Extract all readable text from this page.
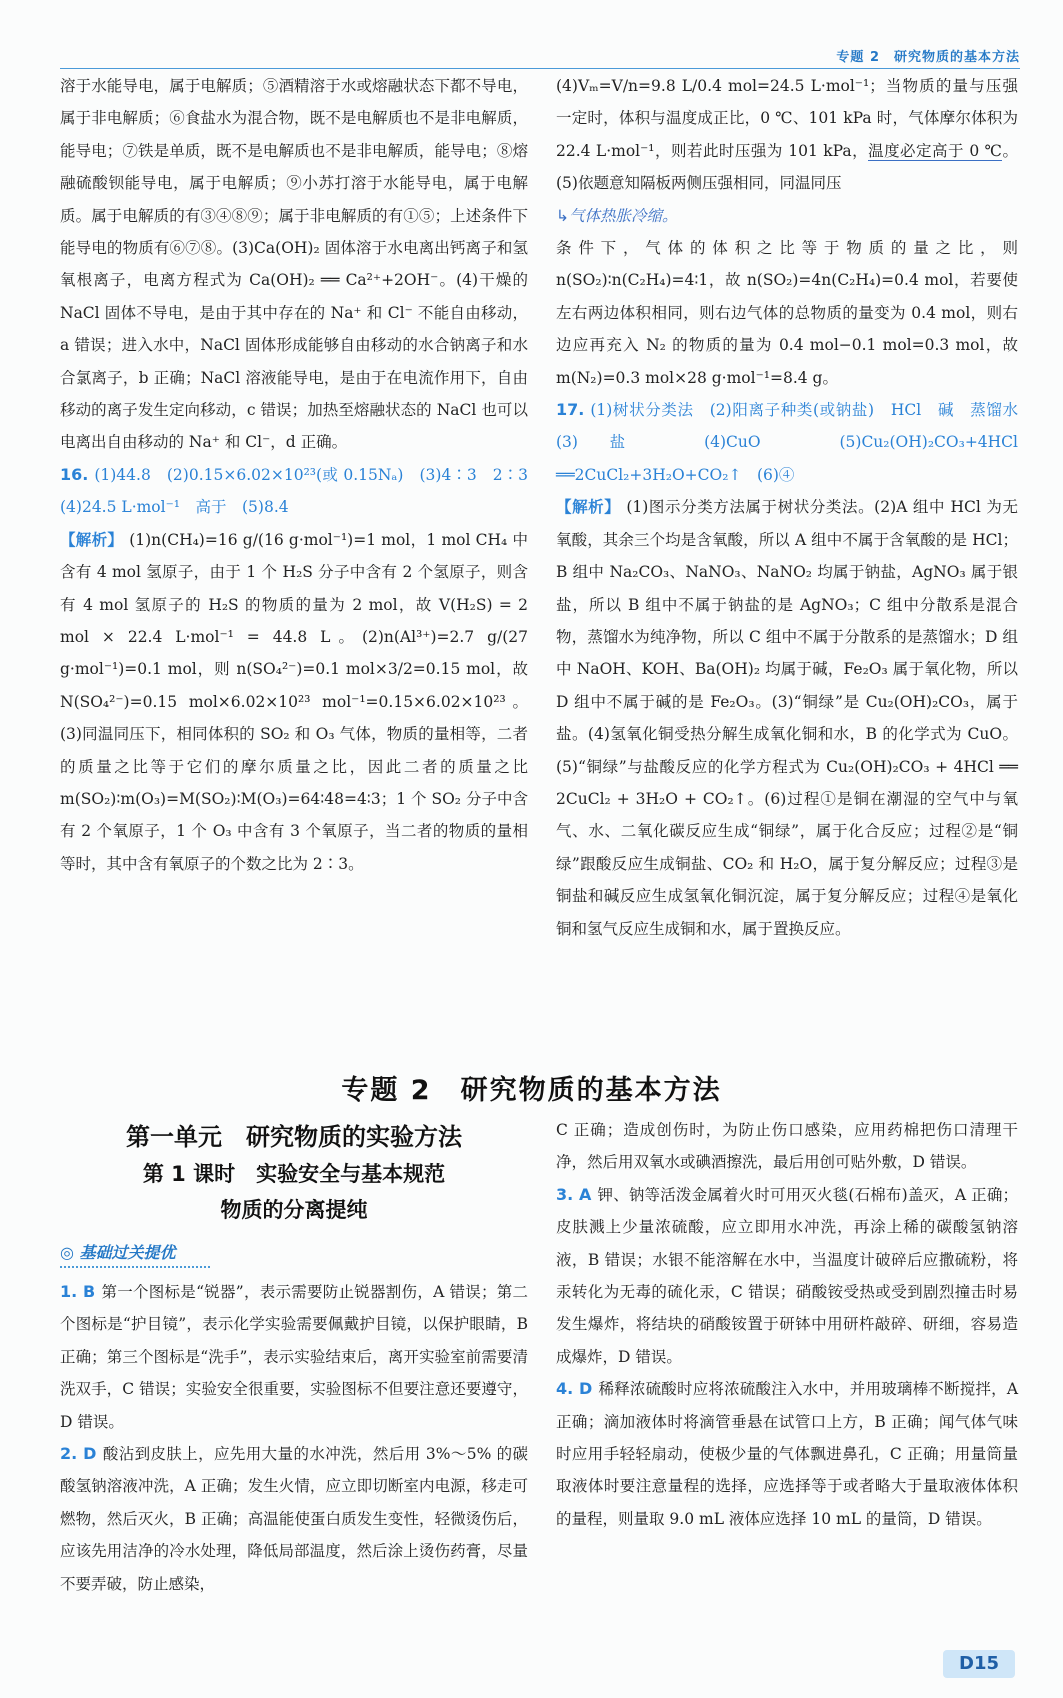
专题 2　研究物质的基本方法

溶于水能导电，属于电解质；⑤酒精溶于水或熔融状态下都不导电，属于非电解质；⑥食盐水为混合物，既不是电解质也不是非电解质，能导电；⑦铁是单质，既不是电解质也不是非电解质，能导电；⑧熔融硫酸钡能导电，属于电解质；⑨小苏打溶于水能导电，属于电解质。属于电解质的有③④⑧⑨；属于非电解质的有①⑤；上述条件下能导电的物质有⑥⑦⑧。(3)Ca(OH)₂ 固体溶于水电离出钙离子和氢氧根离子，电离方程式为 Ca(OH)₂ ══ Ca²⁺+2OH⁻。(4)干燥的 NaCl 固体不导电，是由于其中存在的 Na⁺ 和 Cl⁻ 不能自由移动，a 错误；进入水中，NaCl 固体形成能够自由移动的水合钠离子和水合氯离子，b 正确；NaCl 溶液能导电，是由于在电流作用下，自由移动的离子发生定向移动，c 错误；加热至熔融状态的 NaCl 也可以电离出自由移动的 Na⁺ 和 Cl⁻，d 正确。

16. (1)44.8　(2)0.15×6.02×10²³(或 0.15Nₐ)　(3)4∶3　2∶3　(4)24.5 L·mol⁻¹　高于　(5)8.4

【解析】 (1)n(CH₄)=16 g/(16 g·mol⁻¹)=1 mol，1 mol CH₄ 中含有 4 mol 氢原子，由于 1 个 H₂S 分子中含有 2 个氢原子，则含有 4 mol 氢原子的 H₂S 的物质的量为 2 mol，故 V(H₂S) = 2 mol × 22.4 L·mol⁻¹ = 44.8 L。(2)n(Al³⁺)=2.7 g/(27 g·mol⁻¹)=0.1 mol，则 n(SO₄²⁻)=0.1 mol×3/2=0.15 mol，故 N(SO₄²⁻)=0.15 mol×6.02×10²³ mol⁻¹=0.15×6.02×10²³。(3)同温同压下，相同体积的 SO₂ 和 O₃ 气体，物质的量相等，二者的质量之比等于它们的摩尔质量之比，因此二者的质量之比 m(SO₂)∶m(O₃)=M(SO₂)∶M(O₃)=64∶48=4∶3；1 个 SO₂ 分子中含有 2 个氧原子，1 个 O₃ 中含有 3 个氧原子，当二者的物质的量相等时，其中含有氧原子的个数之比为 2∶3。

(4)Vₘ=V/n=9.8 L/0.4 mol=24.5 L·mol⁻¹；当物质的量与压强一定时，体积与温度成正比，0 ℃、101 kPa 时，气体摩尔体积为 22.4 L·mol⁻¹，则若此时压强为 101 kPa，温度必定高于 0 ℃。(5)依题意知隔板两侧压强相同，同温同压

↳气体热胀冷缩。

条件下，气体的体积之比等于物质的量之比，则 n(SO₂)∶n(C₂H₄)=4∶1，故 n(SO₂)=4n(C₂H₄)=0.4 mol，若要使左右两边体积相同，则右边气体的总物质的量变为 0.4 mol，则右边应再充入 N₂ 的物质的量为 0.4 mol−0.1 mol=0.3 mol，故 m(N₂)=0.3 mol×28 g·mol⁻¹=8.4 g。

17. (1)树状分类法　(2)阳离子种类(或钠盐)　HCl　碱　蒸馏水　(3)盐　(4)CuO　(5)Cu₂(OH)₂CO₃+4HCl ══2CuCl₂+3H₂O+CO₂↑　(6)④

【解析】 (1)图示分类方法属于树状分类法。(2)A 组中 HCl 为无氧酸，其余三个均是含氧酸，所以 A 组中不属于含氧酸的是 HCl；B 组中 Na₂CO₃、NaNO₃、NaNO₂ 均属于钠盐，AgNO₃ 属于银盐，所以 B 组中不属于钠盐的是 AgNO₃；C 组中分散系是混合物，蒸馏水为纯净物，所以 C 组中不属于分散系的是蒸馏水；D 组中 NaOH、KOH、Ba(OH)₂ 均属于碱，Fe₂O₃ 属于氧化物，所以 D 组中不属于碱的是 Fe₂O₃。(3)“铜绿”是 Cu₂(OH)₂CO₃，属于盐。(4)氢氧化铜受热分解生成氧化铜和水，B 的化学式为 CuO。(5)“铜绿”与盐酸反应的化学方程式为 Cu₂(OH)₂CO₃ + 4HCl ══ 2CuCl₂ + 3H₂O + CO₂↑。(6)过程①是铜在潮湿的空气中与氧气、水、二氧化碳反应生成“铜绿”，属于化合反应；过程②是“铜绿”跟酸反应生成铜盐、CO₂ 和 H₂O，属于复分解反应；过程③是铜盐和碱反应生成氢氧化铜沉淀，属于复分解反应；过程④是氧化铜和氢气反应生成铜和水，属于置换反应。

专题 2　研究物质的基本方法
第一单元　研究物质的实验方法
第 1 课时　实验安全与基本规范
物质的分离提纯
◎ 基础过关提优

1. B 第一个图标是“锐器”，表示需要防止锐器割伤，A 错误；第二个图标是“护目镜”，表示化学实验需要佩戴护目镜，以保护眼睛，B 正确；第三个图标是“洗手”，表示实验结束后，离开实验室前需要清洗双手，C 错误；实验安全很重要，实验图标不但要注意还要遵守，D 错误。

2. D 酸沾到皮肤上，应先用大量的水冲洗，然后用 3%～5% 的碳酸氢钠溶液冲洗，A 正确；发生火情，应立即切断室内电源，移走可燃物，然后灭火，B 正确；高温能使蛋白质发生变性，轻微烫伤后，应该先用洁净的冷水处理，降低局部温度，然后涂上烫伤药膏，尽量不要弄破，防止感染，

C 正确；造成创伤时，为防止伤口感染，应用药棉把伤口清理干净，然后用双氧水或碘酒擦洗，最后用创可贴外敷，D 错误。

3. A 钾、钠等活泼金属着火时可用灭火毯(石棉布)盖灭，A 正确；皮肤溅上少量浓硫酸，应立即用水冲洗，再涂上稀的碳酸氢钠溶液，B 错误；水银不能溶解在水中，当温度计破碎后应撒硫粉，将汞转化为无毒的硫化汞，C 错误；硝酸铵受热或受到剧烈撞击时易发生爆炸，将结块的硝酸铵置于研钵中用研杵敲碎、研细，容易造成爆炸，D 错误。

4. D 稀释浓硫酸时应将浓硫酸注入水中，并用玻璃棒不断搅拌，A 正确；滴加液体时将滴管垂悬在试管口上方，B 正确；闻气体气味时应用手轻轻扇动，使极少量的气体飘进鼻孔，C 正确；用量筒量取液体时要注意量程的选择，应选择等于或者略大于量取液体体积的量程，则量取 9.0 mL 液体应选择 10 mL 的量筒，D 错误。

D15
